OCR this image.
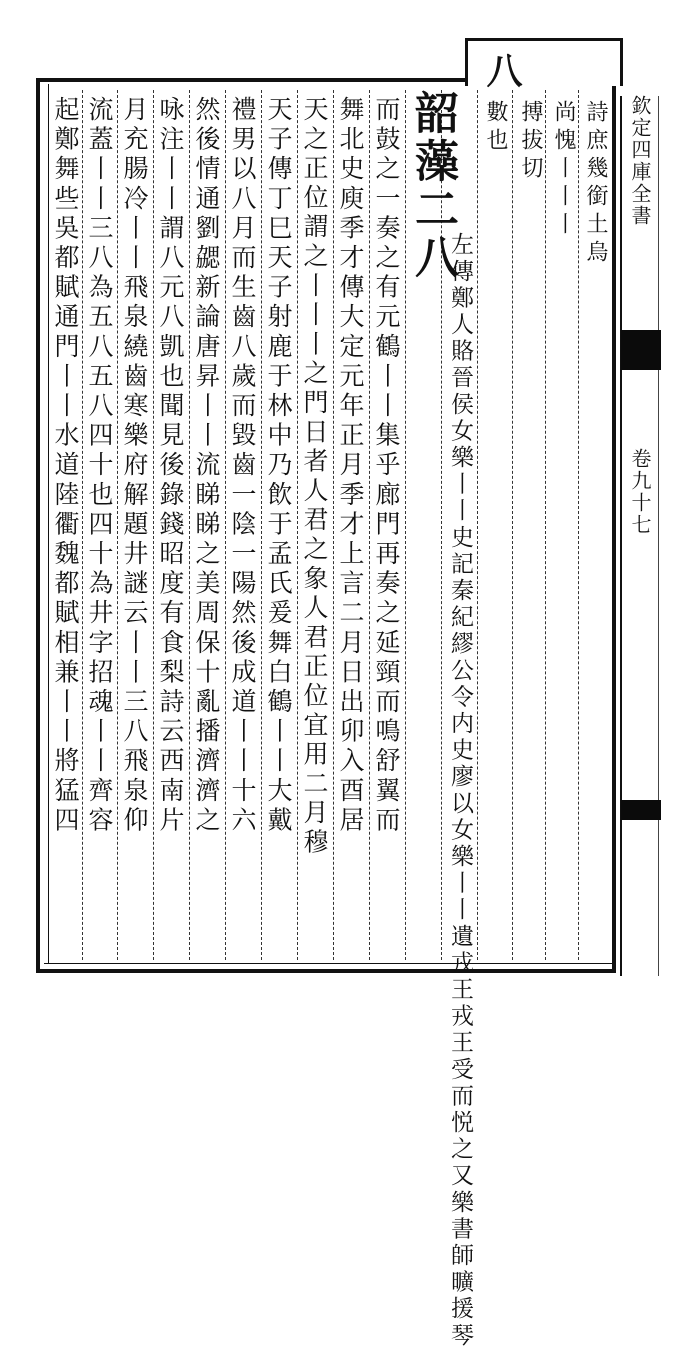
欽定四庫全書
卷九十七
詩庶幾銜土烏
尚愧丨丨丨
搏拔切
數也
八
韶藻二八
左傳鄭人賂晉侯女樂丨丨史記秦紀繆公令内史廖以女樂丨丨遺戎王戎王受而悦之又樂書師曠援琴
而鼓之一奏之有元鶴丨丨集乎廊門再奏之延頸而鳴舒翼而
舞北史庾季才傳大定元年正月季才上言二月日出卯入酉居
天之正位謂之丨丨丨之門日者人君之象人君正位宜用二月穆
天子傳丁巳天子射鹿于林中乃飲于孟氏爰舞白鶴丨丨大戴
禮男以八月而生齒八歲而毀齒一陰一陽然後成道丨丨十六
然後情通劉勰新論唐昇丨丨流睇睇之美周保十亂播濟濟之
咏注丨丨謂八元八凱也聞見後錄錢昭度有食梨詩云西南片
月充腸冷丨丨飛泉繞齒寒樂府解題井謎云丨丨三八飛泉仰
流蓋丨丨三八為五八五八四十也四十為井字招魂丨丨齊容
起鄭舞些吳都賦通門丨丨水道陸衢魏都賦相兼丨丨將猛四
